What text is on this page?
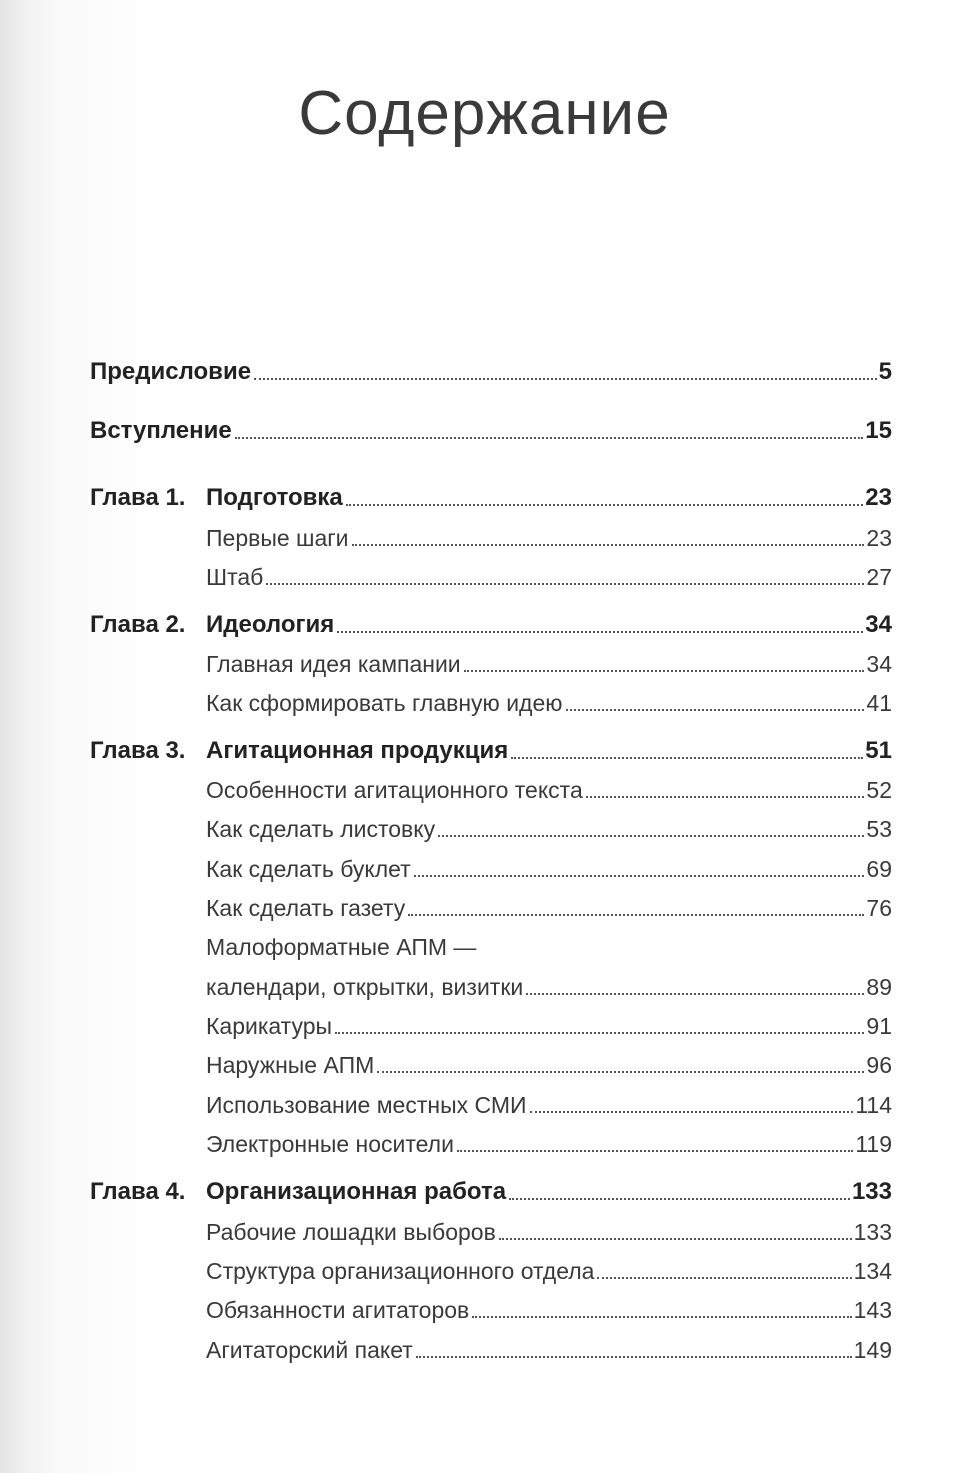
Содержание
Предисловие	5
Вступление	15
Глава 1. Подготовка	23
Первые шаги	23
Штаб	27
Глава 2. Идеология	34
Главная идея кампании	34
Как сформировать главную идею	41
Глава 3. Агитационная продукция	51
Особенности агитационного текста	52
Как сделать листовку	53
Как сделать буклет	69
Как сделать газету	76
Малоформатные АПМ —
календари, открытки, визитки	89
Карикатуры	91
Наружные АПМ	96
Использование местных СМИ	114
Электронные носители	119
Глава 4. Организационная работа	133
Рабочие лошадки выборов	133
Структура организационного отдела	134
Обязанности агитаторов	143
Агитаторский пакет	149
